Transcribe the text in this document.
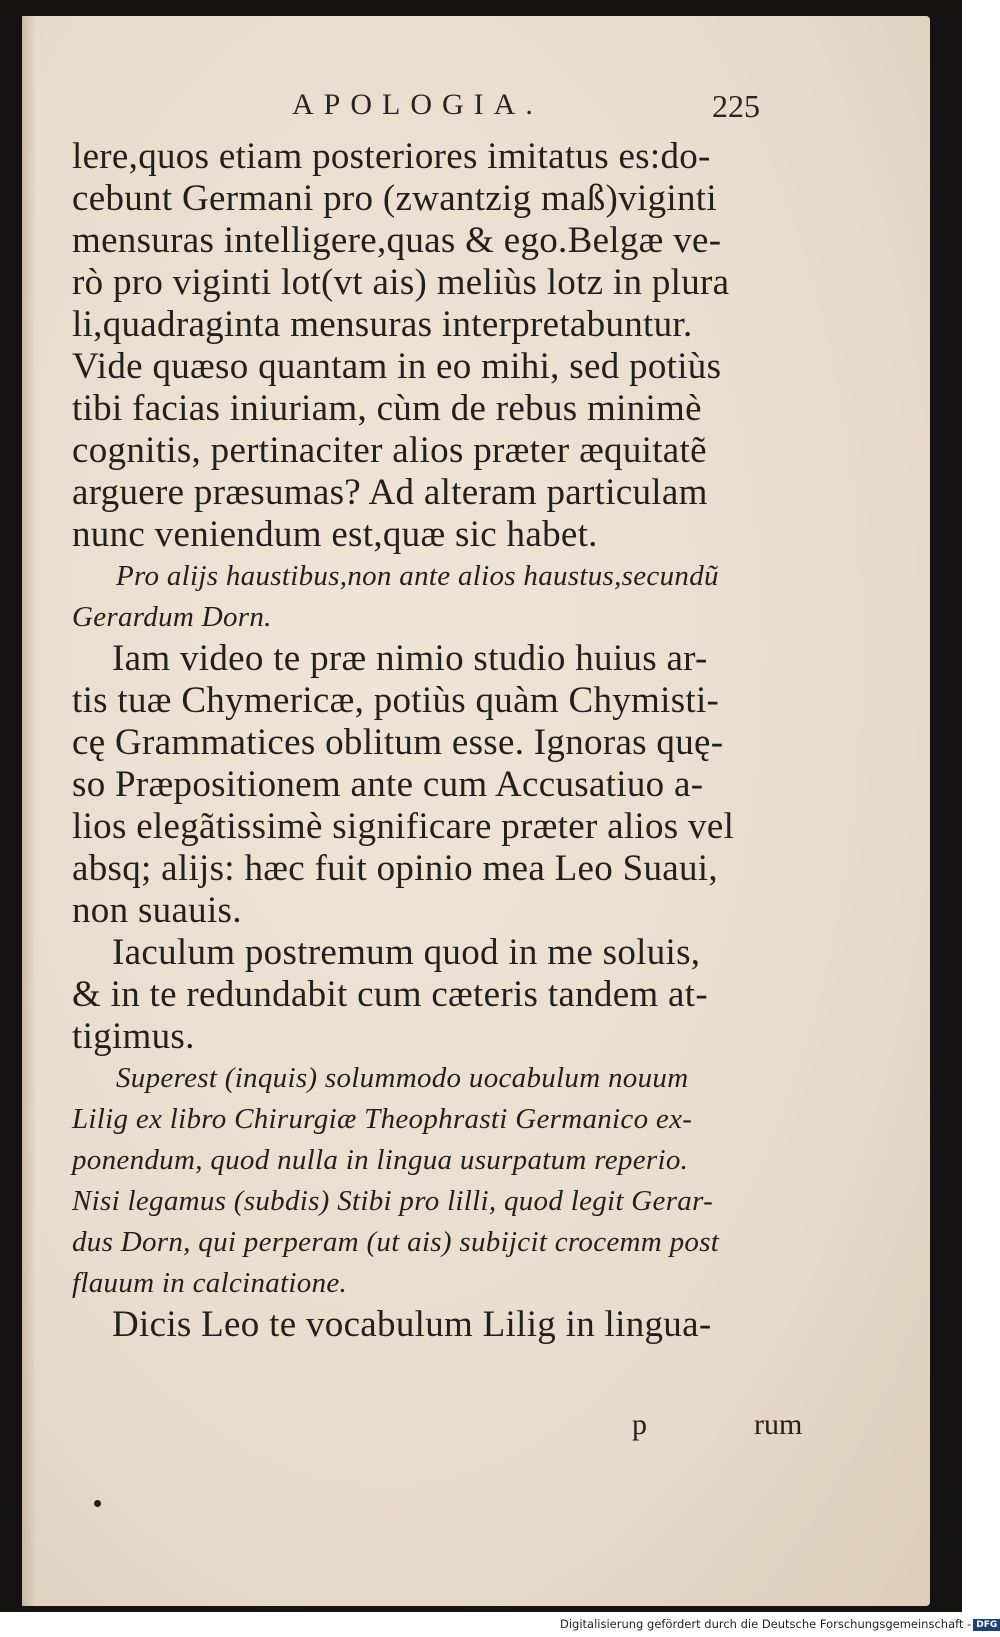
APOLOGIA.	225
lere,quos etiam posteriores imitatus es:do-
cebunt Germani pro (zwantzig maß)viginti
mensuras intelligere,quas & ego.Belgæ ve-
rò pro viginti lot(vt ais) meliùs lotz in plura
li,quadraginta mensuras interpretabuntur.
Vide quæso quantam in eo mihi, sed potiùs
tibi facias iniuriam, cùm de rebus minimè
cognitis, pertinaciter alios præter æquitatẽ
arguere præsumas? Ad alteram particulam
nunc veniendum est,quæ sic habet.
Pro alijs haustibus,non ante alios haustus,secundũ
Gerardum Dorn.
Iam video te præ nimio studio huius ar-
tis tuæ Chymericæ, potiùs quàm Chymisti-
cę Grammatices oblitum esse. Ignoras quę-
so Præpositionem ante cum Accusatiuo a-
lios elegãtissimè significare præter alios vel
absq; alijs: hæc fuit opinio mea Leo Suaui,
non suauis.
Iaculum postremum quod in me soluis,
& in te redundabit cum cæteris tandem at-
tigimus.
Superest (inquis) solummodo uocabulum nouum
Lilig ex libro Chirurgiæ Theophrasti Germanico ex-
ponendum, quod nulla in lingua usurpatum reperio.
Nisi legamus (subdis) Stibi pro lilli, quod legit Gerar-
dus Dorn, qui perperam (ut ais) subijcit crocemm post
flauum in calcinatione.
Dicis Leo te vocabulum Lilig in lingua-
p	rum
Digitalisierung gefördert durch die Deutsche Forschungsgemeinschaft - DFG
